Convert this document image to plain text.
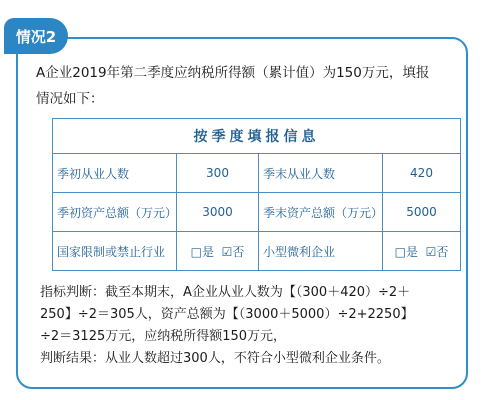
情况2
A企业2019年第二季度应纳税所得额（累计值）为150万元，填报
情况如下：
按季度填报信息			
季初从业人数	300	季末从业人数	420
季初资产总额（万元）	3000	季末资产总额（万元）	5000
国家限制或禁止行业	□是 ☑否	小型微利企业	□是 ☑否
指标判断：截至本期末，A企业从业人数为【（300＋420）÷2＋
250】÷2＝305人，资产总额为【（3000＋5000）÷2+2250】
÷2＝3125万元，应纳税所得额150万元，
判断结果：从业人数超过300人，不符合小型微利企业条件。
